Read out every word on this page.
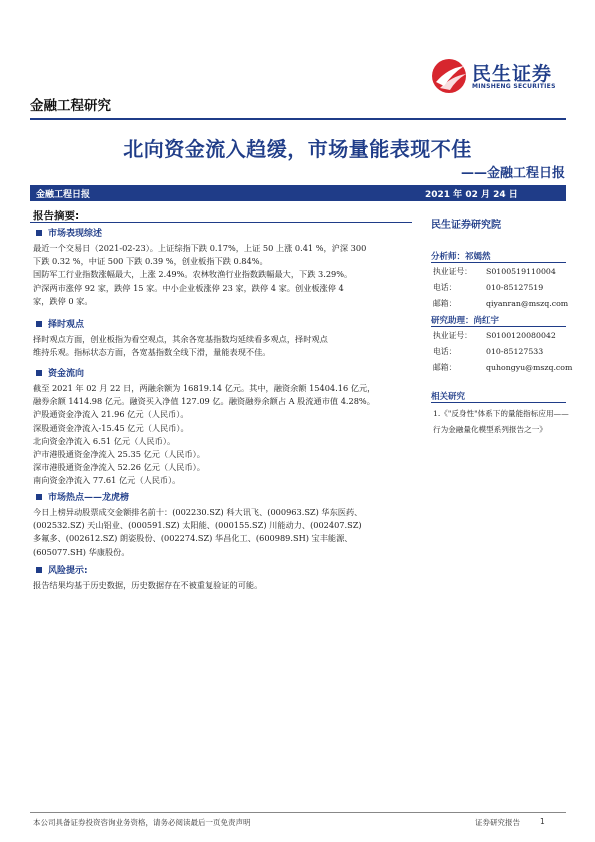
民生证券
MINSHENG SECURITIES
金融工程研究
北向资金流入趋缓，市场量能表现不佳
——金融工程日报
金融工程日报	2021 年 02 月 24 日
报告摘要:
市场表现综述
最近一个交易日（2021-02-23）。上证综指下跌 0.17%，上证 50 上涨 0.41 %，沪深 300
下跌 0.32 %，中证 500 下跌 0.39 %，创业板指下跌 0.84%。
国防军工行业指数涨幅最大，上涨 2.49%。农林牧渔行业指数跌幅最大，下跌 3.29%。
沪深两市涨停 92 家，跌停 15 家。中小企业板涨停 23 家，跌停 4 家。创业板涨停 4
家，跌停 0 家。
择时观点
择时观点方面，创业板指为看空观点，其余各宽基指数均延续看多观点，择时观点
维持乐观。指标状态方面，各宽基指数全线下滑，量能表现不佳。
资金流向
截至 2021 年 02 月 22 日，两融余额为 16819.14 亿元。其中，融资余额 15404.16 亿元，
融券余额 1414.98 亿元。融资买入净值 127.09 亿。融资融券余额占 A 股流通市值 4.28%。
沪股通资金净流入 21.96 亿元（人民币）。
深股通资金净流入-15.45 亿元（人民币）。
北向资金净流入 6.51 亿元（人民币）。
沪市港股通资金净流入 25.35 亿元（人民币）。
深市港股通资金净流入 52.26 亿元（人民币）。
南向资金净流入 77.61 亿元（人民币）。
市场热点——龙虎榜
今日上榜异动股票成交金额排名前十：(002230.SZ) 科大讯飞、(000963.SZ) 华东医药、
(002532.SZ) 天山铝业、(000591.SZ) 太阳能、(000155.SZ) 川能动力、(002407.SZ)
多氟多、(002612.SZ) 朗姿股份、(002274.SZ) 华昌化工、(600989.SH) 宝丰能源、
(605077.SH) 华康股份。
风险提示:
报告结果均基于历史数据，历史数据存在不被重复验证的可能。
民生证券研究院
分析师：祁嫣然
执业证号： S0100519110004
电话：	010-85127519
邮箱：	qiyanran@mszq.com
研究助理：尚红宇
执业证号： S0100120080042
电话：	010-85127533
邮箱：	quhongyu@mszq.com
相关研究
1.《"反身性"体系下的量能指标应用——
行为金融量化模型系列报告之一》
本公司具备证券投资咨询业务资格，请务必阅读最后一页免责声明	证券研究报告	1
